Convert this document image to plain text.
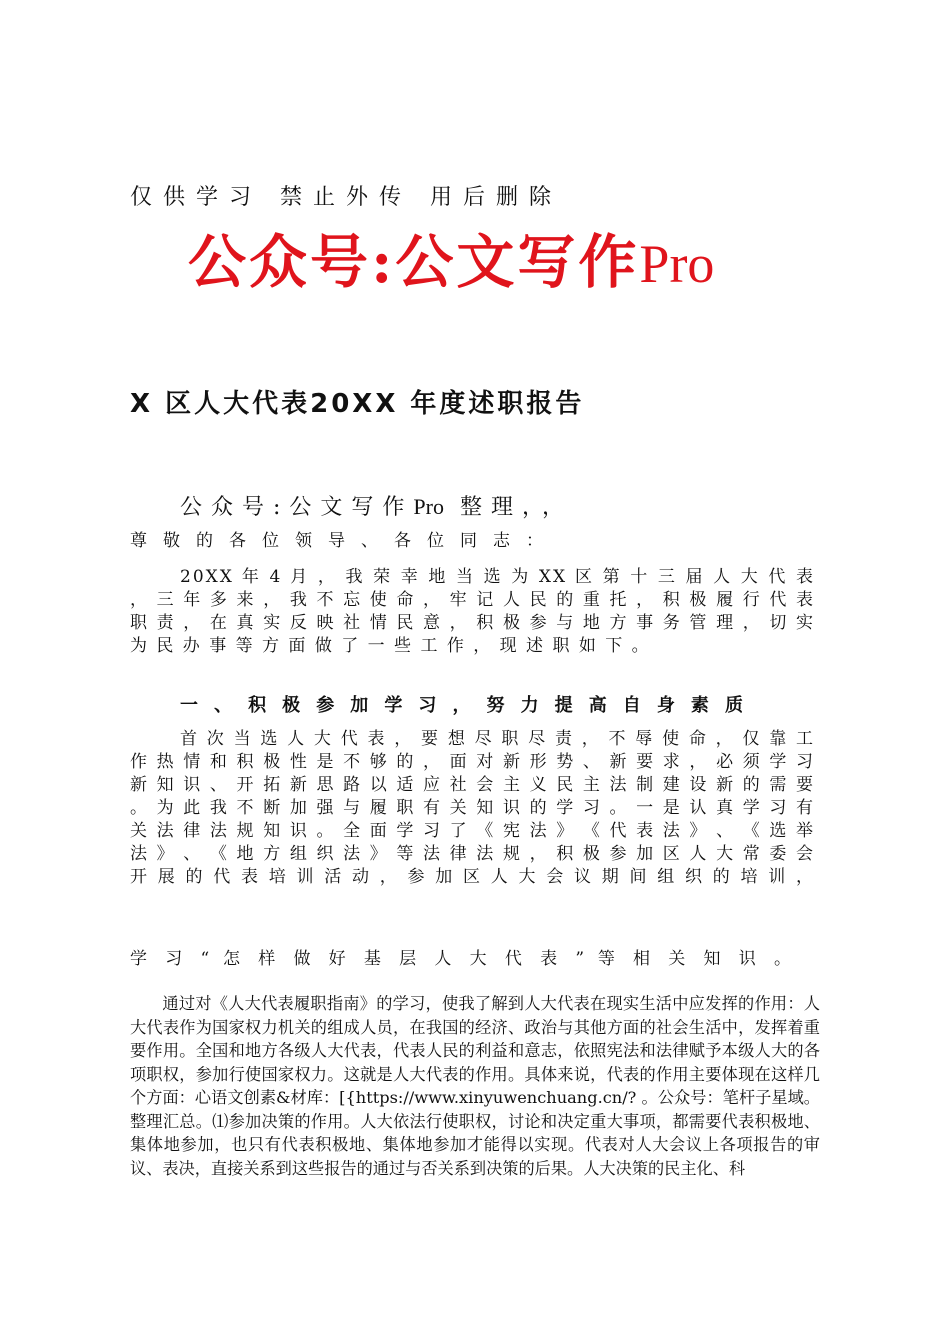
仅供学习 禁止外传 用后删除
公众号:公文写作Pro
X 区人大代表20XX 年度述职报告
公众号:公文写作Pro 整理，，
尊敬的各位领导、各位同志：
20XX 年 4 月 ， 我 荣 幸 地 当 选 为 XX 区 第 十 三 届 人 大 代 表 ， 三 年 多 来 ， 我 不 忘 使 命 ， 牢 记 人 民 的 重 托 ， 积 极 履 行 代 表 职 责 ， 在 真 实 反 映 社 情 民 意 ， 积 极 参 与 地 方 事 务 管 理 ， 切 实 为 民 办 事 等 方 面 做 了 一 些 工 作 ， 现 述 职 如 下 。
一 、 积 极 参 加 学 习 ， 努 力 提 高 自 身 素 质
首 次 当 选 人 大 代 表 ， 要 想 尽 职 尽 责 ， 不 辱 使 命 ， 仅 靠 工 作 热 情 和 积 极 性 是 不 够 的 ， 面 对 新 形 势 、 新 要 求 ， 必 须 学 习 新 知 识 、 开 拓 新 思 路 以 适 应 社 会 主 义 民 主 法 制 建 设 新 的 需 要 。 为 此 我 不 断 加 强 与 履 职 有 关 知 识 的 学 习 。 一 是 认 真 学 习 有 关 法 律 法 规 知 识 。 全 面 学 习 了 《 宪 法 》 《 代 表 法 》 、 《 选 举 法 》 、 《 地 方 组 织 法 》 等 法 律 法 规 ， 积 极 参 加 区 人 大 常 委 会 开 展 的 代 表 培 训 活 动 ， 参 加 区 人 大 会 议 期 间 组 织 的 培 训 ，
学 习 “ 怎 样 做 好 基 层 人 大 代 表 ” 等 相 关 知 识 。
通过对《人大代表履职指南》的学习，使我了解到人大代表在现实生活中应发挥的作用：人大代表作为国家权力机关的组成人员，在我国的经济、政治与其他方面的社会生活中，发挥着重要作用。全国和地方各级人大代表，代表人民的利益和意志，依照宪法和法律赋予本级人大的各项职权，参加行使国家权力。这就是人大代表的作用。具体来说，代表的作用主要体现在这样几个方面：心语文创素&材库：[{https://www.xinyuwenchuang.cn/? 。公众号：笔杆子星域。整理汇总。⑴参加决策的作用。人大依法行使职权，讨论和决定重大事项，都需要代表积极地、集体地参加，也只有代表积极地、集体地参加才能得以实现。代表对人大会议上各项报告的审议、表决，直接关系到这些报告的通过与否关系到决策的后果。人大决策的民主化、科
